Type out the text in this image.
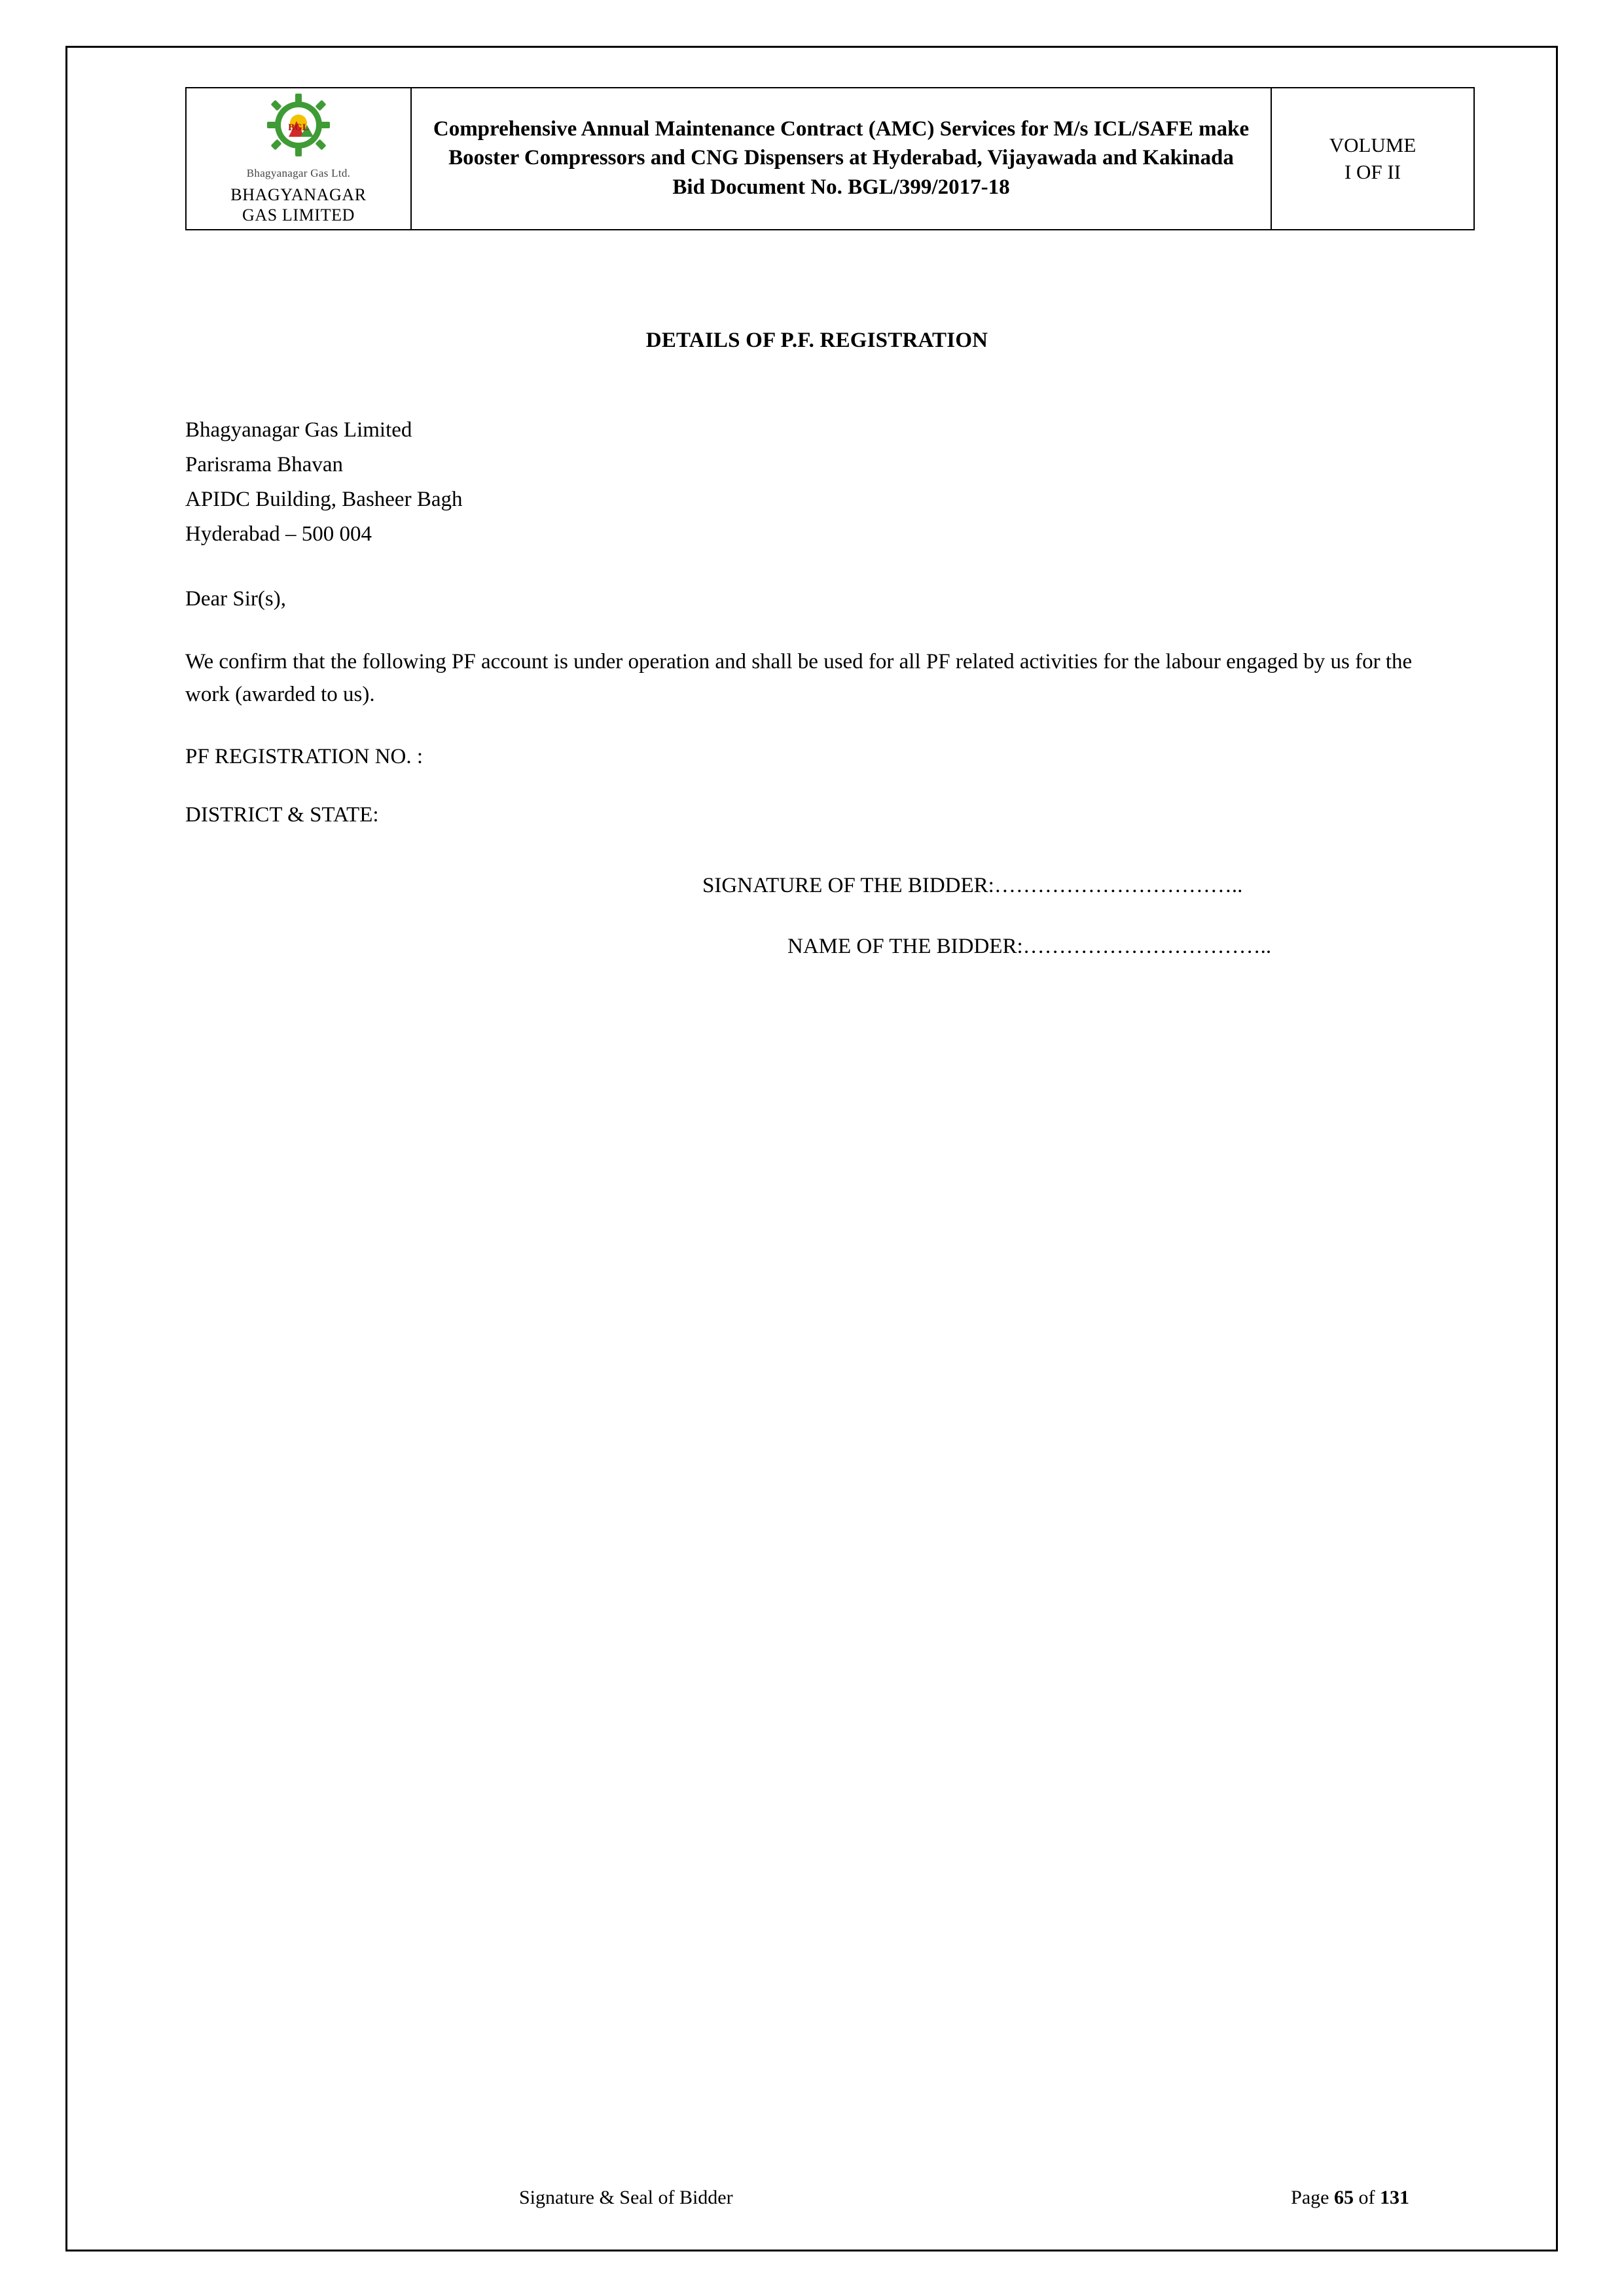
BGL
Bhagyanagar Gas Ltd.
BHAGYANAGAR
GAS LIMITED

Comprehensive Annual Maintenance Contract (AMC) Services for M/s ICL/SAFE make Booster Compressors and CNG Dispensers at Hyderabad, Vijayawada and Kakinada
Bid Document No. BGL/399/2017-18

VOLUME
I OF II
DETAILS OF P.F. REGISTRATION
Bhagyanagar Gas Limited
Parisrama Bhavan
APIDC Building, Basheer Bagh
Hyderabad – 500 004
Dear Sir(s),
We confirm that the following PF account is under operation and shall be used for all PF related activities for the labour engaged by us for the work (awarded to us).
PF REGISTRATION NO. :
DISTRICT & STATE:
SIGNATURE OF THE BIDDER:……………………………..
NAME OF THE BIDDER:……………………………..
Signature & Seal of Bidder	Page 65 of 131
